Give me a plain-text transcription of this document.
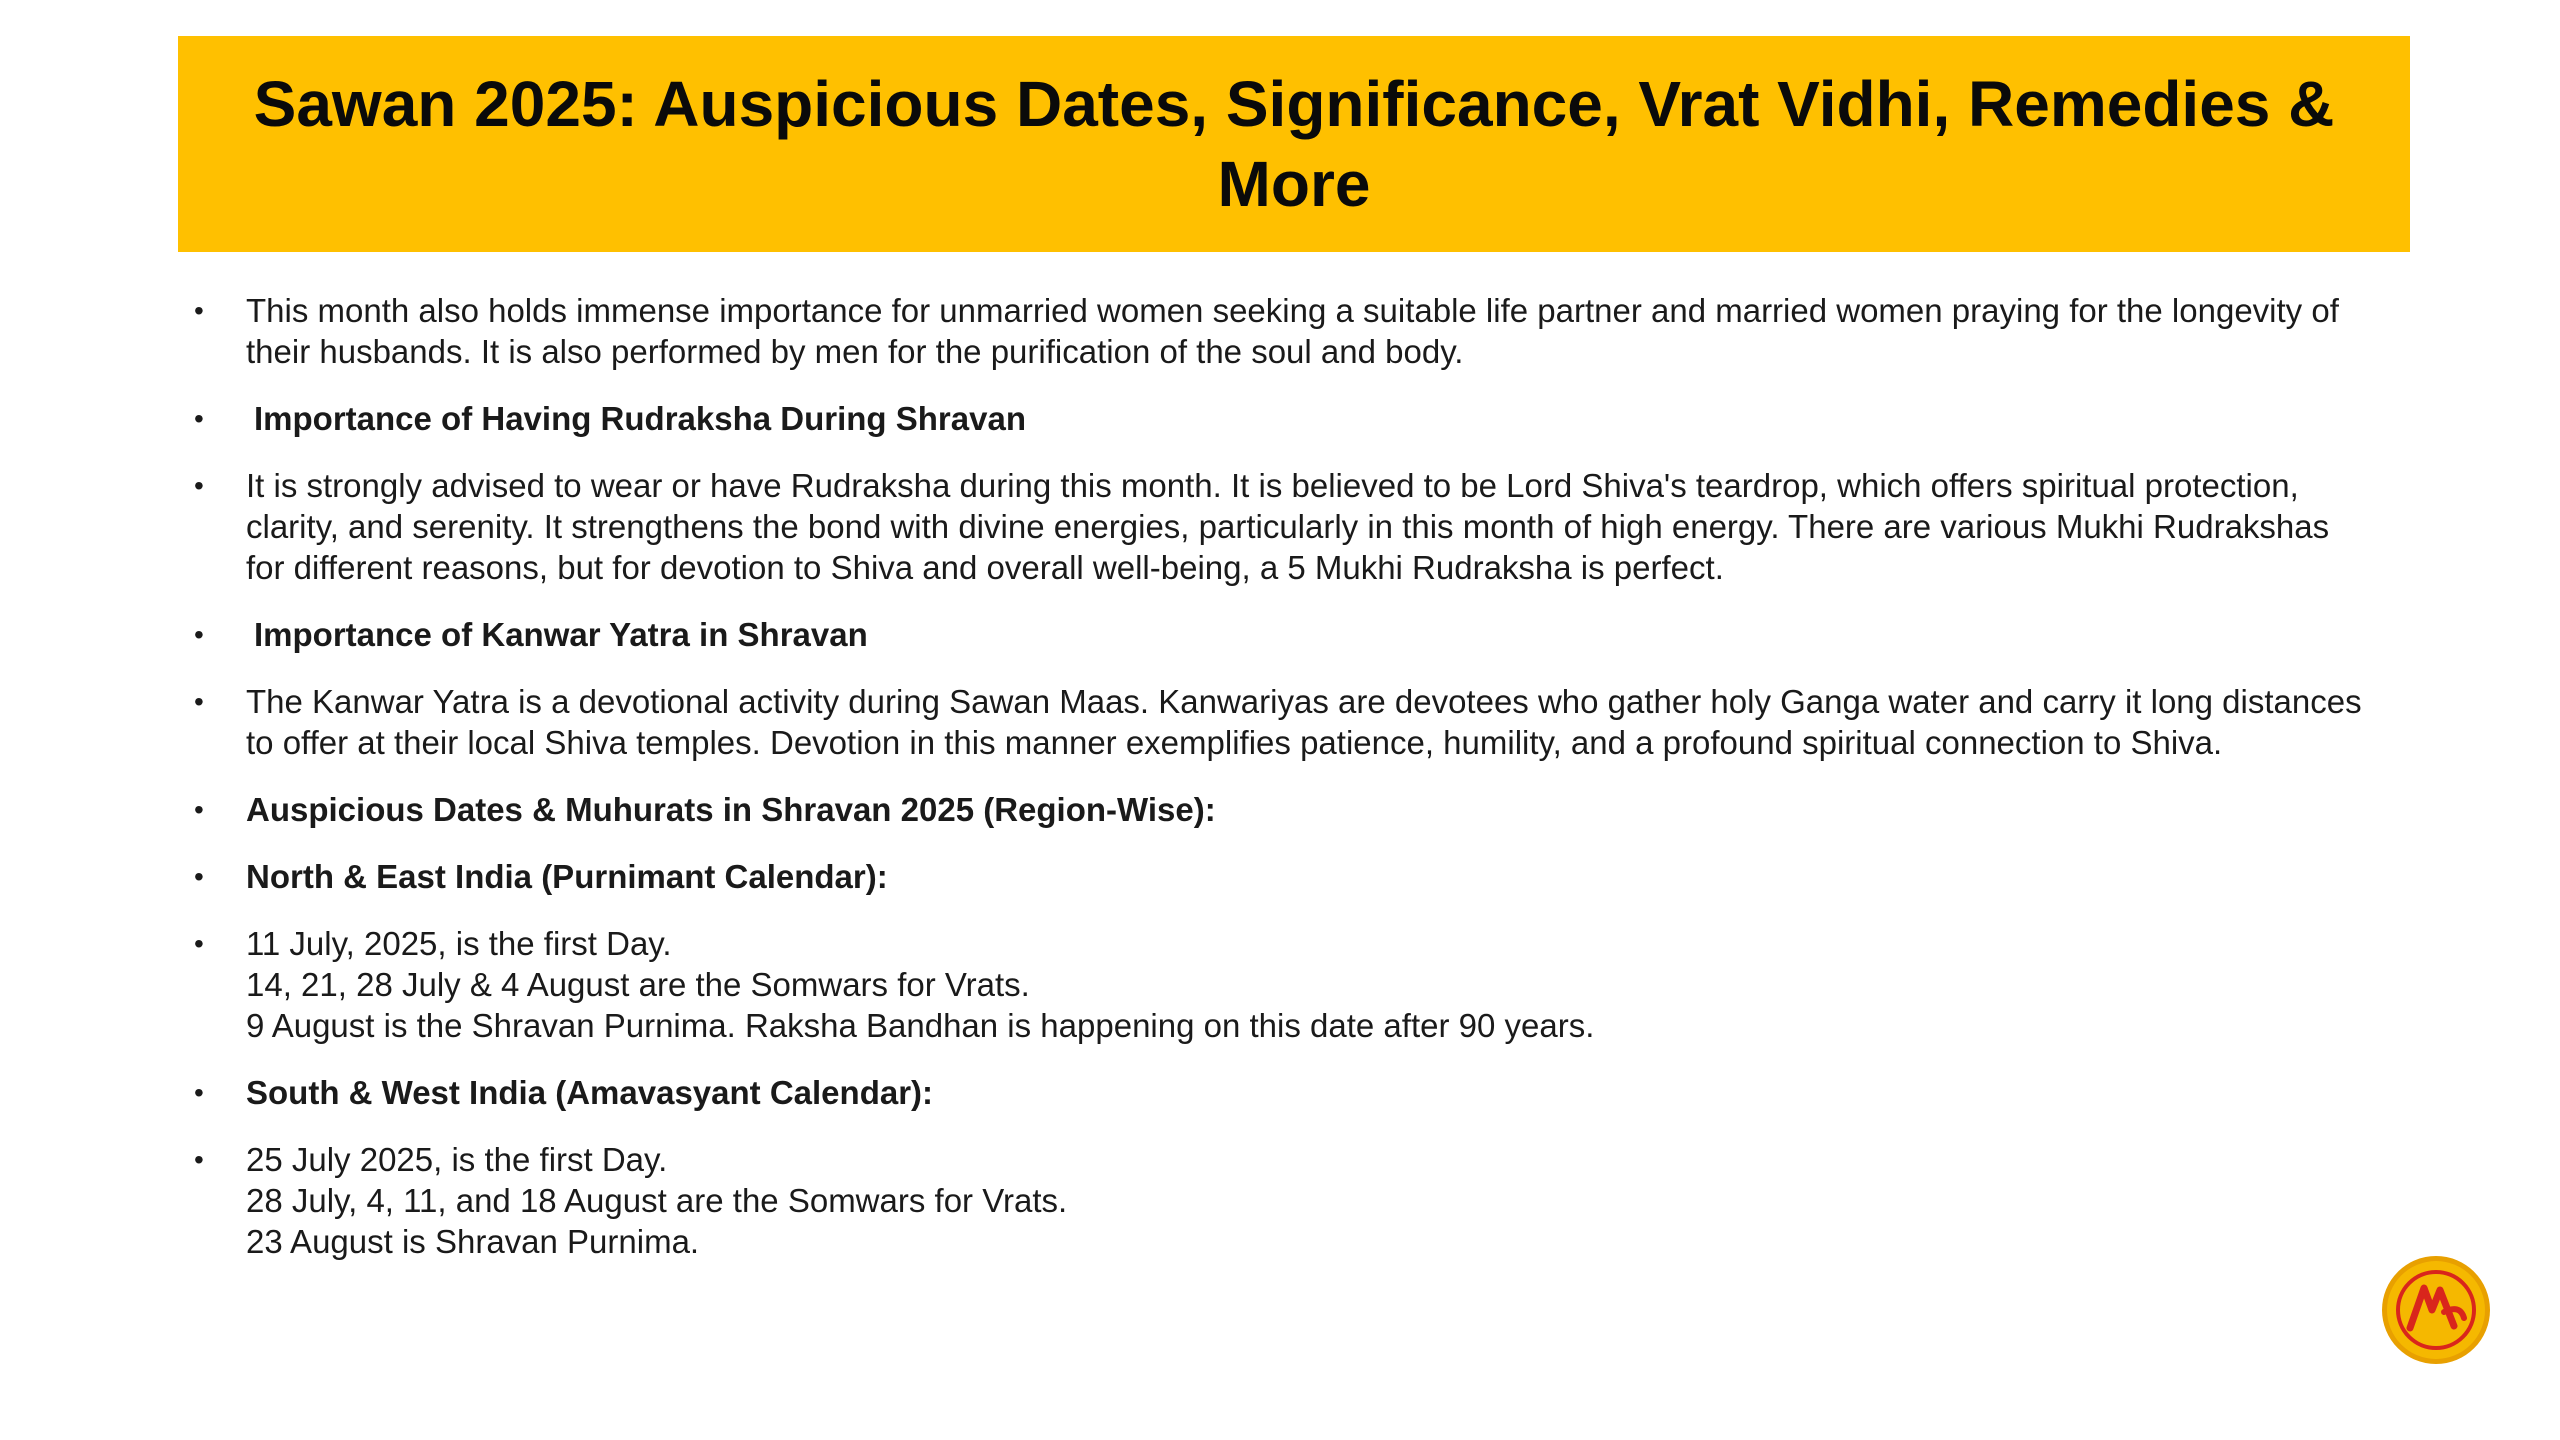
Sawan 2025: Auspicious Dates, Significance, Vrat Vidhi, Remedies & More
•	This month also holds immense importance for unmarried women seeking a suitable life partner and married women praying for the longevity of their husbands. It is also performed by men for the purification of the soul and body.
•	Importance of Having Rudraksha During Shravan
•	It is strongly advised to wear or have Rudraksha during this month. It is believed to be Lord Shiva's teardrop, which offers spiritual protection, clarity, and serenity. It strengthens the bond with divine energies, particularly in this month of high energy. There are various Mukhi Rudrakshas for different reasons, but for devotion to Shiva and overall well-being, a 5 Mukhi Rudraksha is perfect.
•	Importance of Kanwar Yatra in Shravan
•	The Kanwar Yatra is a devotional activity during Sawan Maas. Kanwariyas are devotees who gather holy Ganga water and carry it long distances to offer at their local Shiva temples. Devotion in this manner exemplifies patience, humility, and a profound spiritual connection to Shiva.
•	Auspicious Dates & Muhurats in Shravan 2025 (Region-Wise):
•	North & East India (Purnimant Calendar):
•	11 July, 2025, is the first Day.
14, 21, 28 July & 4 August are the Somwars for Vrats.
9 August is the Shravan Purnima. Raksha Bandhan is happening on this date after 90 years.
•	South & West India (Amavasyant Calendar):
•	25 July 2025, is the first Day.
28 July, 4, 11, and 18 August are the Somwars for Vrats.
23 August is Shravan Purnima.
